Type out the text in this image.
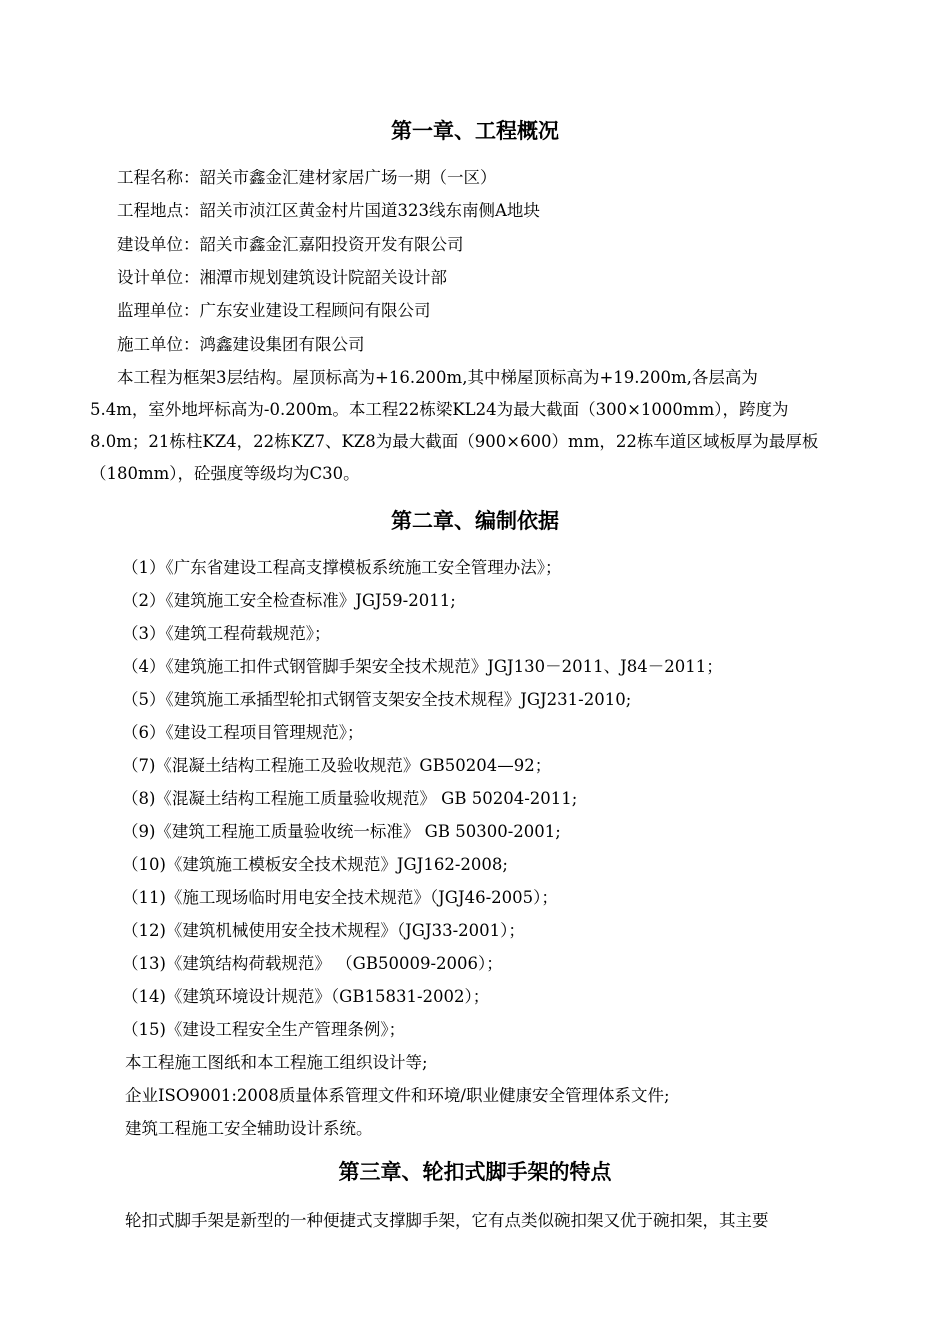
第一章、工程概况

工程名称：韶关市鑫金汇建材家居广场一期（一区）

工程地点：韶关市浈江区黄金村片国道323线东南侧A地块

建设单位：韶关市鑫金汇嘉阳投资开发有限公司

设计单位：湘潭市规划建筑设计院韶关设计部

监理单位：广东安业建设工程顾问有限公司

施工单位：鸿鑫建设集团有限公司

本工程为框架3层结构。屋顶标高为+16.200m,其中梯屋顶标高为+19.200m,各层高为

5.4m，室外地坪标高为-0.200m。本工程22栋梁KL24为最大截面（300×1000mm），跨度为

8.0m；21栋柱KZ4，22栋KZ7、KZ8为最大截面（900×600）mm，22栋车道区域板厚为最厚板

（180mm），砼强度等级均为C30。

第二章、编制依据

（1）《广东省建设工程高支撑模板系统施工安全管理办法》；

（2）《建筑施工安全检查标准》JGJ59-2011;

（3）《建筑工程荷载规范》；

（4）《建筑施工扣件式钢管脚手架安全技术规范》JGJ130－2011、J84－2011；

（5）《建筑施工承插型轮扣式钢管支架安全技术规程》JGJ231-2010;

（6）《建设工程项目管理规范》；

（7)《混凝土结构工程施工及验收规范》GB50204—92；

（8)《混凝土结构工程施工质量验收规范》 GB 50204-2011;

（9)《建筑工程施工质量验收统一标准》 GB 50300-2001;

（10)《建筑施工模板安全技术规范》JGJ162-2008;

（11)《施工现场临时用电安全技术规范》（JGJ46-2005）；

（12)《建筑机械使用安全技术规程》（JGJ33-2001）；

（13)《建筑结构荷载规范》 （GB50009-2006）；

（14)《建筑环境设计规范》（GB15831-2002）；

（15)《建设工程安全生产管理条例》；

本工程施工图纸和本工程施工组织设计等;

企业ISO9001:2008质量体系管理文件和环境/职业健康安全管理体系文件;

建筑工程施工安全辅助设计系统。

第三章、轮扣式脚手架的特点

轮扣式脚手架是新型的一种便捷式支撑脚手架，它有点类似碗扣架又优于碗扣架，其主要
